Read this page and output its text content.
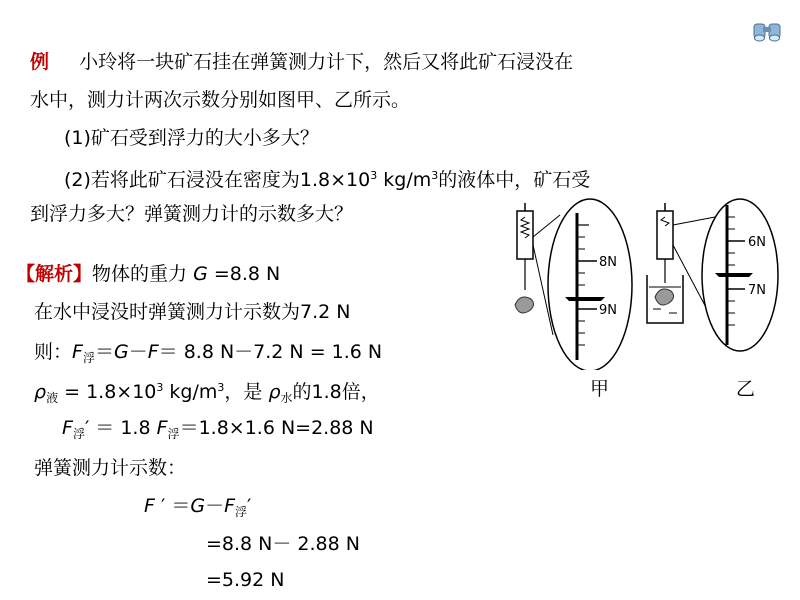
例 小玲将一块矿石挂在弹簧测力计下，然后又将此矿石浸没在
水中，测力计两次示数分别如图甲、乙所示。
(1)矿石受到浮力的大小多大？
(2)若将此矿石浸没在密度为$1.8\times 10^3$ $kg/m^3$的液体中，矿石受
到浮力多大？弹簧测力计的示数多大？
【解析】物体的重力 G =8.8 N
在水中浸没时弹簧测力计示数为7.2 N
则：$F_浮=G-F= 8.8$ N－7.2 N = 1.6 N
$\rho_液 = 1.8\times 10^3$ $kg/m^3$，是 $\rho_水$的1.8倍，
$F_浮' = 1.8$ $F_浮=1.8\times 1.6$ N=2.88 N
弹簧测力计示数：
F ′ $=G-F_浮'$
=8.8 N－ 2.88 N
=5.92 N
8N
9N
6N
7N
甲	乙
